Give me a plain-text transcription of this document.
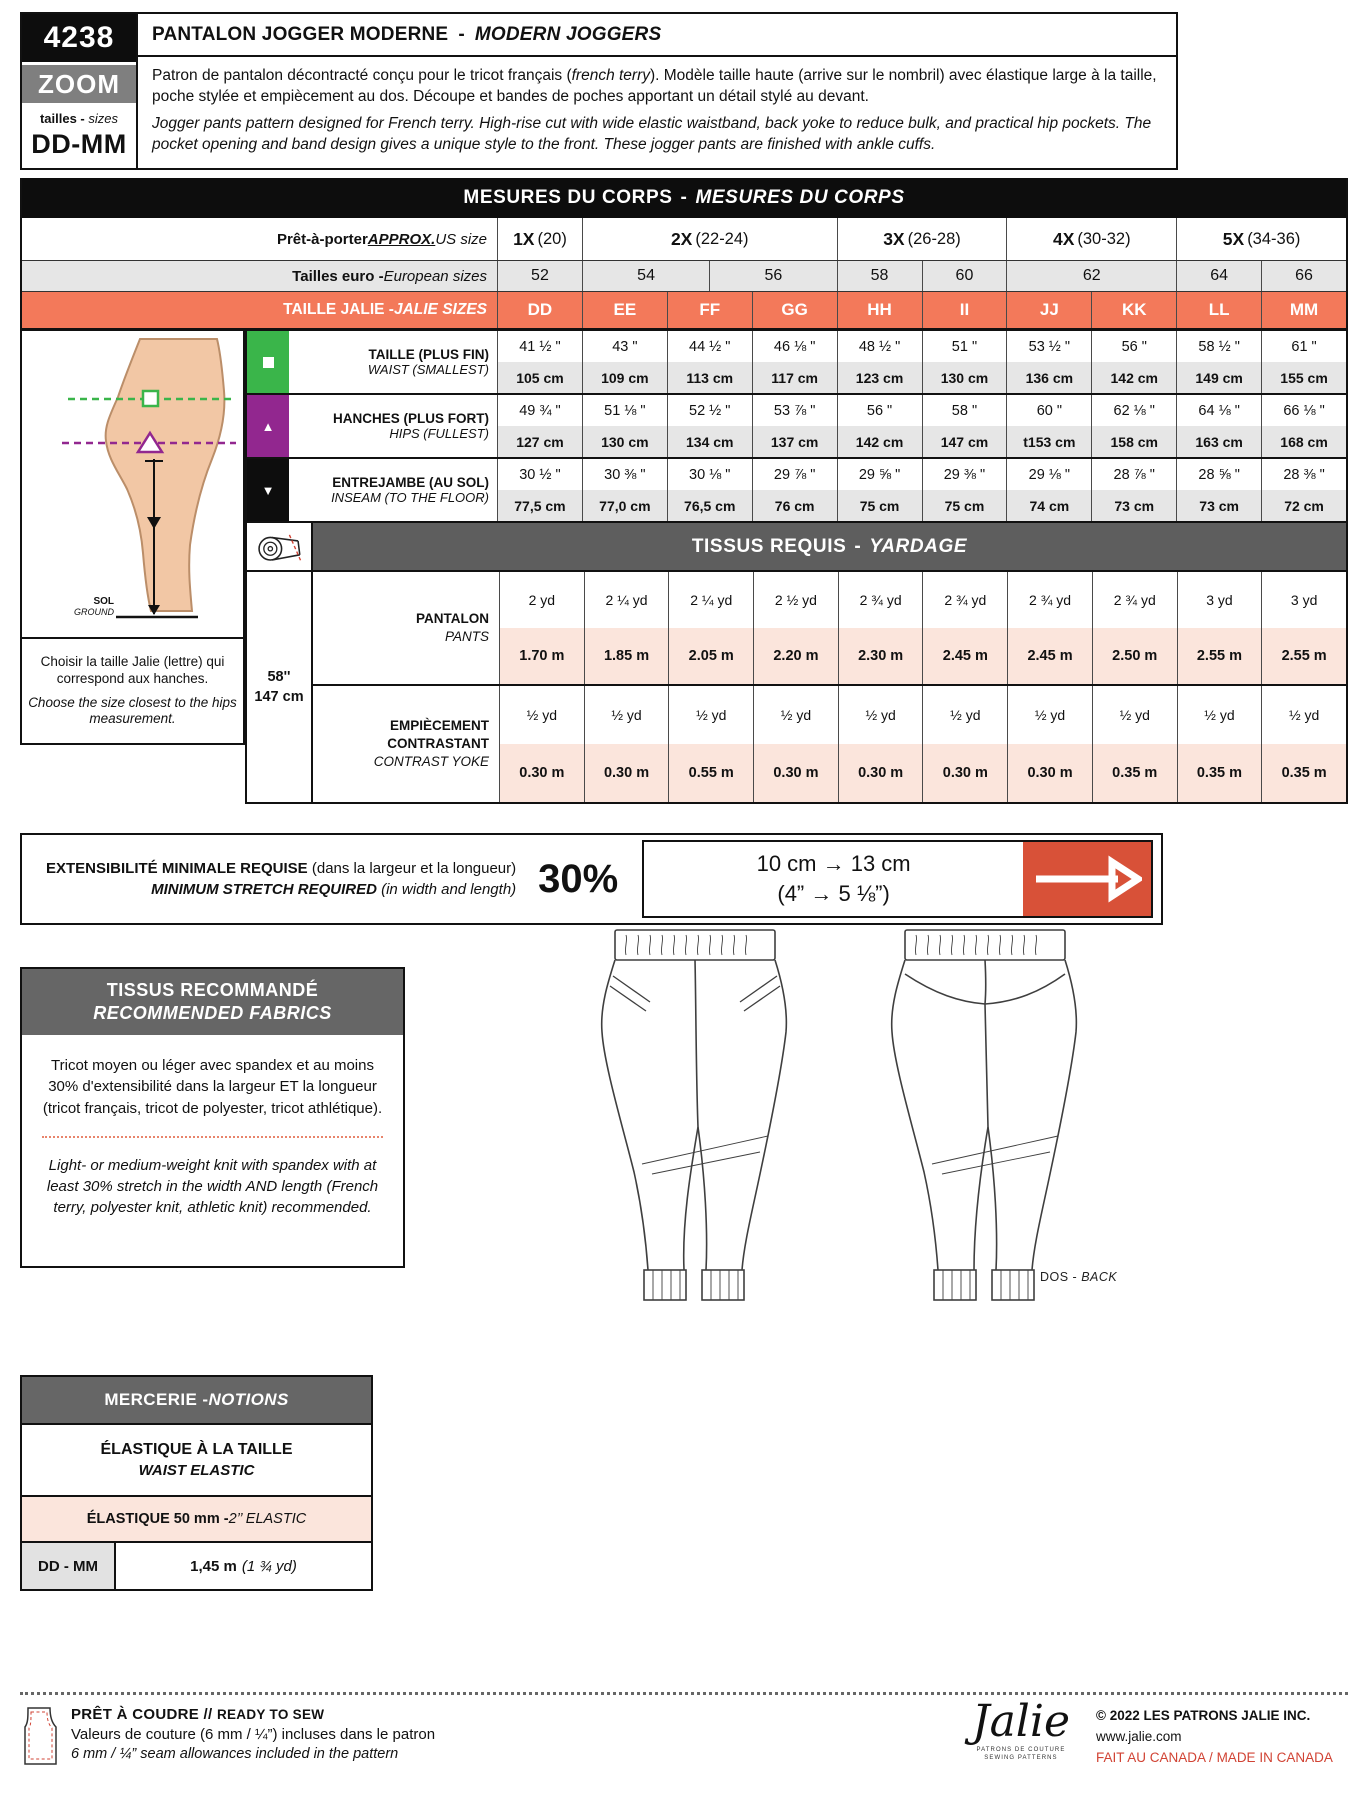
4238
ZOOM
tailles - sizes
DD-MM
PANTALON JOGGER MODERNE - MODERN JOGGERS

Patron de pantalon décontracté conçu pour le tricot français (french terry). Modèle taille haute (arrive sur le nombril) avec élastique large à la taille, poche stylée et empiècement au dos. Découpe et bandes de poches apportant un détail stylé au devant.

Jogger pants pattern designed for French terry. High-rise cut with wide elastic waistband, back yoke to reduce bulk, and practical hip pockets. The pocket opening and band design gives a unique style to the front. These jogger pants are finished with ankle cuffs.

MESURES DU CORPS - MESURES DU CORPS
Prêt-à-porter APPROX. US size 1X (20)	2X (22-24)	3X (26-28)	4X (30-32)	5X (34-36)
Tailles euro - European sizes	52	54	56	58	60	62	64	66
TAILLE JALIE - JALIE SIZES	DD	EE	FF	GG	HH	II	JJ	KK	LL	MM
SOL
GROUND
Choisir la taille Jalie (lettre) qui correspond aux hanches.
Choose the size closest to the hips measurement.
TAILLE (PLUS FIN)
WAIST (SMALLEST)
41 ½ "	43 "	44 ½ "	46 ⅛ "	48 ½ "	51 "	53 ½ "	56 "	58 ½ "	61 "
105 cm	109 cm	113 cm	117 cm	123 cm	130 cm	136 cm	142 cm	149 cm	155 cm
▲	HANCHES (PLUS FORT)
HIPS (FULLEST)
49 ¾ "	51 ⅛ "	52 ½ "	53 ⅞ "	56 "	58 "	60 "	62 ⅛ "	64 ⅛ "	66 ⅛ "
127 cm	130 cm	134 cm	137 cm	142 cm	147 cm	t153 cm	158 cm	163 cm	168 cm
▼	ENTREJAMBE (AU SOL)
INSEAM (TO THE FLOOR)
30 ½ "	30 ⅜ "	30 ⅛ "	29 ⅞ "	29 ⅝ "	29 ⅜ "	29 ⅛ "	28 ⅞ "	28 ⅝ "	28 ⅜ "
77,5 cm	77,0 cm	76,5 cm	76 cm	75 cm	75 cm	74 cm	73 cm	73 cm	72 cm
TISSUS REQUIS - YARDAGE
58''
147 cm
PANTALON
PANTS
2 yd	2 ¼ yd	2 ¼ yd	2 ½ yd	2 ¾ yd	2 ¾ yd	2 ¾ yd	2 ¾ yd	3 yd	3 yd
1.70 m	1.85 m	2.05 m	2.20 m	2.30 m	2.45 m	2.45 m	2.50 m	2.55 m	2.55 m
EMPIÈCEMENT
CONTRASTANT
CONTRAST YOKE
½ yd	½ yd	½ yd	½ yd	½ yd	½ yd	½ yd	½ yd	½ yd	½ yd
0.30 m	0.30 m	0.55 m	0.30 m	0.30 m	0.30 m	0.30 m	0.35 m	0.35 m	0.35 m
EXTENSIBILITÉ MINIMALE REQUISE (dans la largeur et la longueur)
MINIMUM STRETCH REQUIRED (in width and length) 30%	10 cm → 13 cm
(4” → 5 ⅛”)
TISSUS RECOMMANDÉ
RECOMMENDED FABRICS
Tricot moyen ou léger avec spandex et au moins 30% d'extensibilité dans la largeur ET la longueur (tricot français, tricot de polyester, tricot athlétique).
Light- or medium-weight knit with spandex with at least 30% stretch in the width AND length (French terry, polyester knit, athletic knit) recommended.
DOS - BACK
MERCERIE - NOTIONS
ÉLASTIQUE À LA TAILLE
WAIST ELASTIC
ÉLASTIQUE 50 mm - 2’’ ELASTIC
DD - MM	1,45 m (1 ¾ yd)
PRÊT À COUDRE // READY TO SEW
Valeurs de couture (6 mm / ¼”) incluses dans le patron
6 mm / ¼” seam allowances included in the pattern
Jalie
PATRONS DE COUTURE
SEWING PATTERNS
© 2022 LES PATRONS JALIE INC.
www.jalie.com
FAIT AU CANADA / MADE IN CANADA
